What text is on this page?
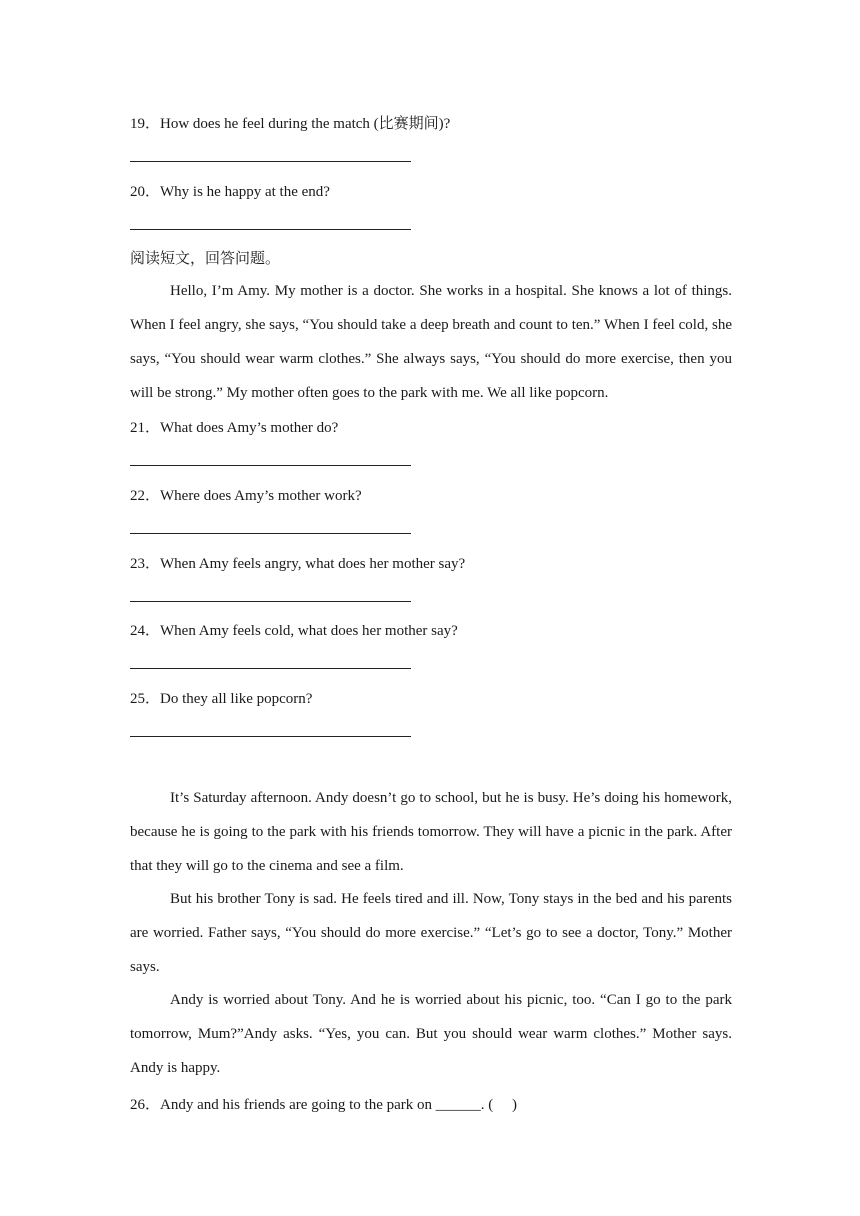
19．How does he feel during the match (比赛期间)?
20．Why is he happy at the end?
阅读短文，回答问题。
Hello, I’m Amy. My mother is a doctor. She works in a hospital. She knows a lot of things. When I feel angry, she says, “You should take a deep breath and count to ten.” When I feel cold, she says, “You should wear warm clothes.” She always says, “You should do more exercise, then you will be strong.” My mother often goes to the park with me. We all like popcorn.
21．What does Amy’s mother do?
22．Where does Amy’s mother work?
23．When Amy feels angry, what does her mother say?
24．When Amy feels cold, what does her mother say?
25．Do they all like popcorn?
It’s Saturday afternoon. Andy doesn’t go to school, but he is busy. He’s doing his homework, because he is going to the park with his friends tomorrow. They will have a picnic in the park. After that they will go to the cinema and see a film.
But his brother Tony is sad. He feels tired and ill. Now, Tony stays in the bed and his parents are worried. Father says, “You should do more exercise.” “Let’s go to see a doctor, Tony.” Mother says.
Andy is worried about Tony. And he is worried about his picnic, too. “Can I go to the park tomorrow, Mum?”Andy asks. “Yes, you can. But you should wear warm clothes.” Mother says. Andy is happy.
26．Andy and his friends are going to the park on ______. (　 )
